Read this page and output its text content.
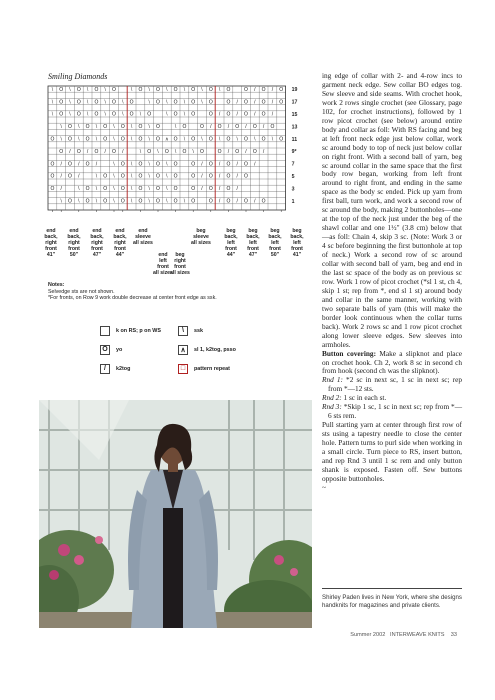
Smiling Diamonds
\ O \ O \ O \ O	\ O \ O \ O \ O \ O \ O	O / O / O
\ O \ O \ O \ O \ O	\ O \ O \ O \ O	O / O / O / O
\ O \ O \ O \ O \ O \ O	\ O \ O	O / O / O / O /
\ O \ O \ O \ O \ O \ O	\ O	O / O / O / O / O
O \ O \ O \ O \ O \ O \ O ∧ O \ O \ O \ O \ O \ O \ O
O / O / O / O /	\ O \ O \ O \ O	O / O / O /
O / O / O /	\ O \ O \ O \ O	O / O / O / O /
O / O /	\ O \ O \ O \ O \ O	O / O / O / O
O /	\ O \ O \ O \ O \ O \ O	O / O / O /
\ O \ O \ O \ O \ O \ O \ O \ O	O / O / O / O
19
17
15
13
11
9*
7
5
3
1
end
back,
right
front
41"
end
back,
right
front
50"
end
back,
right
front
47"
end
back,
right
front
44"
end
sleeve
all sizes
end
left
front
all sizes
beg
right
front
all sizes
beg
sleeve
all sizes
beg
back,
left
front
44"
beg
back,
left
front
47"
beg
back,
left
front
50"
beg
back,
left
front
41"
Notes:
Selvedge sts are not shown.
*For fronts, on Row 9 work double decrease at center front edge as ssk.
k on RS; p on WS	\	ssk
O	yo	∧	sl 1, k2tog, psso
/	k2tog	□	pattern repeat

ing edge of collar with 2- and 4-row incs to garment neck edge. Sew collar BO edges tog. Sew sleeve and side seams. With crochet hook, work 2 rows single crochet (see Glossary, page 102, for crochet instructions), followed by 1 row picot crochet (see below) around entire body and collar as foll: With RS facing and beg at left front neck edge just below collar, work sc around body to top of neck just below collar on right front. With a second ball of yarn, beg sc around collar in the same space that the first body row began, working from left front around to right front, and ending in the same space as the body sc ended. Pick up yarn from first ball, turn work, and work a second row of sc around the body, making 2 buttonholes—one at the top of the neck just under the beg of the shawl collar and one 1½" (3.8 cm) below that—as foll: Chain 4, skip 3 sc. (Note: Work 3 or 4 sc before beginning the first buttonhole at top of neck.) Work a second row of sc around collar with second ball of yarn, beg and end in the last sc space of the body as on previous sc row. Work 1 row of picot crochet (*sl 1 st, ch 4, skip 1 st; rep from *, end sl 1 st) around body and collar in the same manner, working with two separate balls of yarn (this will make the border look continuous when the collar turns back). Work 2 rows sc and 1 row picot crochet along lower sleeve edges. Sew sleeves into armholes.

Button covering: Make a slipknot and place on crochet hook. Ch 2, work 8 sc in second ch from hook (second ch was the slipknot).

Rnd 1: *2 sc in next sc, 1 sc in next sc; rep from *—12 sts.

Rnd 2: 1 sc in each st.

Rnd 3: *Skip 1 sc, 1 sc in next sc; rep from *—6 sts rem.

Pull starting yarn at center through first row of sts using a tapestry needle to close the center hole. Pattern turns to purl side when working in a small circle. Turn piece to RS, insert button, and rep Rnd 3 until 1 sc rem and only button shank is exposed. Fasten off. Sew buttons opposite buttonholes.

~

Shirley Paden lives in New York, where she designs handknits for magazines and private clients.
Summer 2002 INTERWEAVE KNITS 33
